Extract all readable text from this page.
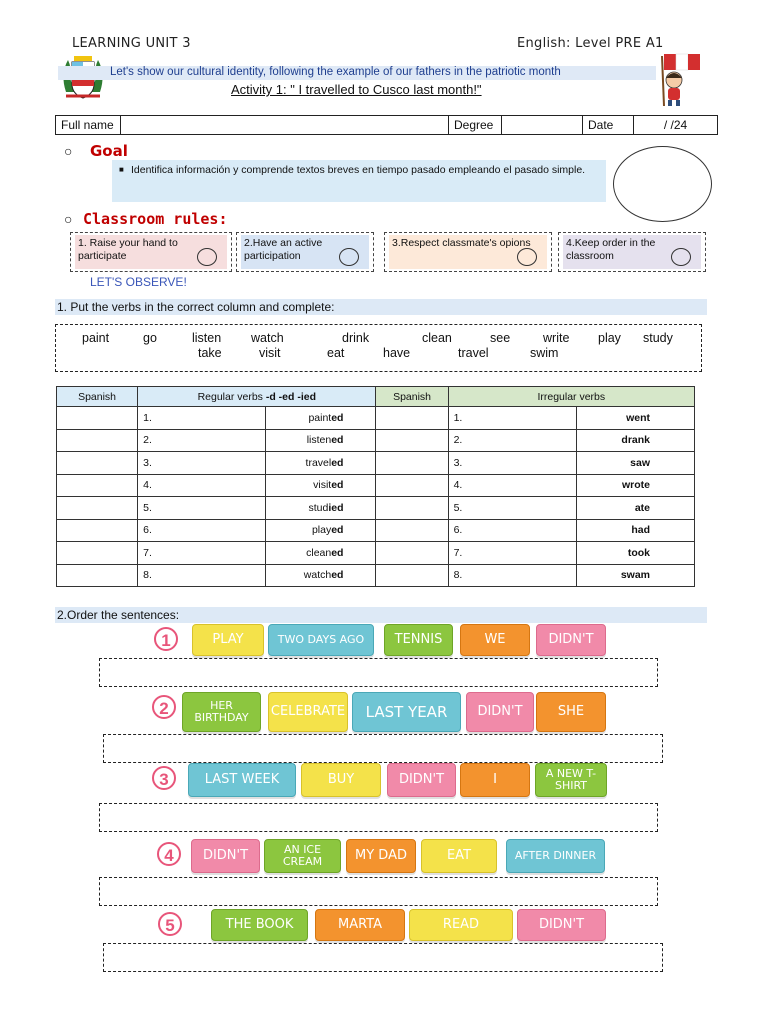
LEARNING UNIT 3	English: Level PRE A1
Let's show our cultural identity, following the example of our fathers in the patriotic month
Activity 1: " I travelled to Cusco last month!"
Full name		Degree		Date	/ /24
○ Goal
■ Identifica información y comprende textos breves en tiempo pasado empleando el pasado simple.
○ Classroom rules:
1. Raise your hand to participate
2.Have an active participation
3.Respect classmate's opions	4.Keep order in the classroom
LET'S OBSERVE!
1. Put the verbs in the correct column and complete:
paint	go	listen watch	drink	clean	see	write play study
take	visit	eat	have	travel	swim
Spanish	Regular verbs -d -ed -ied		Spanish	Irregular verbs	
	1.	painted		1.	went
	2.	listened		2.	drank
	3.	traveled		3.	saw
	4.	visited		4.	wrote
	5.	studied		5.	ate
	6.	played		6.	had
	7.	cleaned		7.	took
	8.	watched		8.	swam
2.Order the sentences:
1	PLAY	TWO DAYS AGO	TENNIS	WE	DIDN'T
2	HER BIRTHDAY	CELEBRATE	LAST YEAR	DIDN'T	SHE
3	LAST WEEK	BUY	DIDN'T	I	A NEW T-SHIRT
4	DIDN'T	AN ICE CREAM	MY DAD	EAT	AFTER DINNER
5	THE BOOK	MARTA	READ	DIDN'T
